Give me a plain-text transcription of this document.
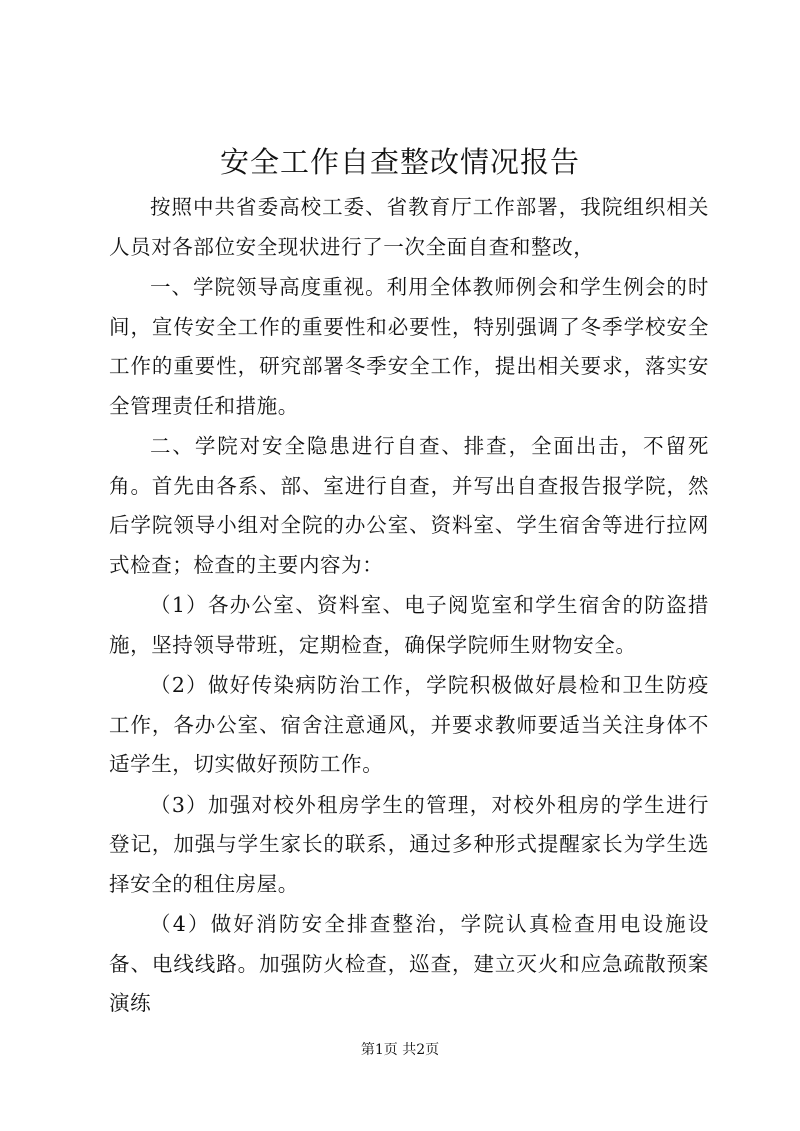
安全工作自查整改情况报告

按照中共省委高校工委、省教育厅工作部署，我院组织相关人员对各部位安全现状进行了一次全面自查和整改，

一、学院领导高度重视。利用全体教师例会和学生例会的时间，宣传安全工作的重要性和必要性，特别强调了冬季学校安全工作的重要性，研究部署冬季安全工作，提出相关要求，落实安全管理责任和措施。

二、学院对安全隐患进行自查、排查，全面出击，不留死角。首先由各系、部、室进行自查，并写出自查报告报学院，然后学院领导小组对全院的办公室、资料室、学生宿舍等进行拉网式检查；检查的主要内容为：

（1）各办公室、资料室、电子阅览室和学生宿舍的防盗措施，坚持领导带班，定期检查，确保学院师生财物安全。

（2）做好传染病防治工作，学院积极做好晨检和卫生防疫工作，各办公室、宿舍注意通风，并要求教师要适当关注身体不适学生，切实做好预防工作。

（3）加强对校外租房学生的管理，对校外租房的学生进行登记，加强与学生家长的联系，通过多种形式提醒家长为学生选择安全的租住房屋。

（4）做好消防安全排查整治，学院认真检查用电设施设备、电线线路。加强防火检查，巡查，建立灭火和应急疏散预案演练

第1页 共2页
